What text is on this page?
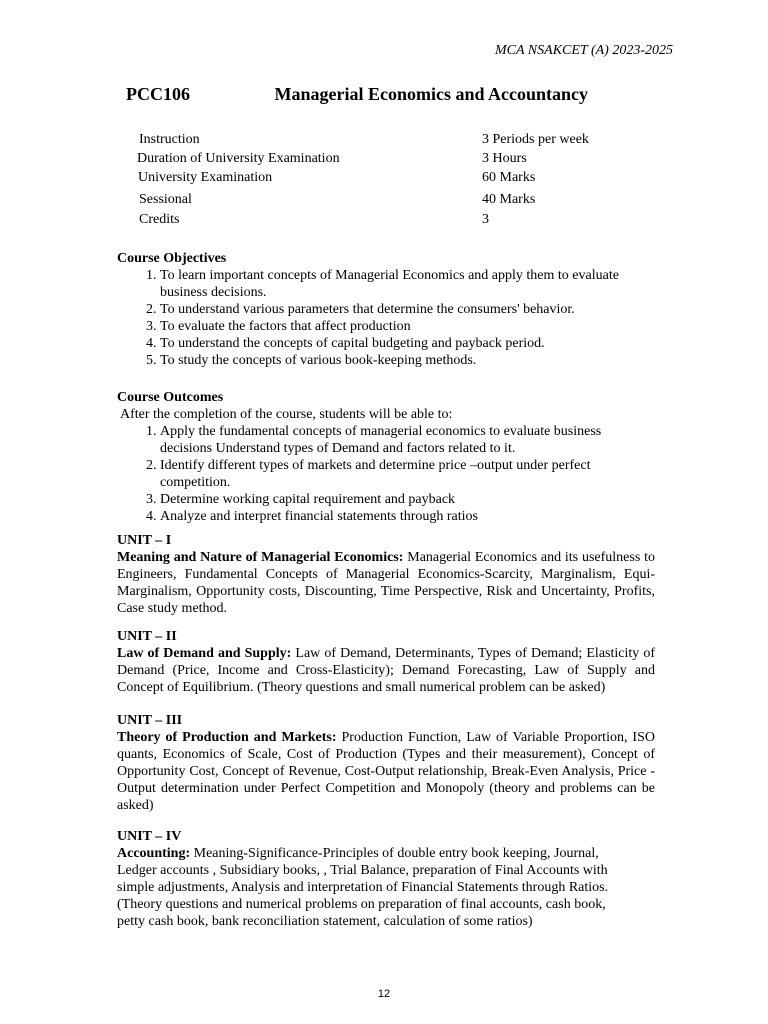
MCA NSAKCET (A) 2023-2025
PCC106	Managerial Economics and Accountancy
Instruction	3 Periods per week
Duration of University Examination	3 Hours
University Examination	60 Marks
Sessional	40 Marks
Credits	3
Course Objectives
1. To learn important concepts of Managerial Economics and apply them to evaluate business decisions.
2. To understand various parameters that determine the consumers' behavior.
3. To evaluate the factors that affect production
4. To understand the concepts of capital budgeting and payback period.
5. To study the concepts of various book-keeping methods.
Course Outcomes
After the completion of the course, students will be able to:
1. Apply the fundamental concepts of managerial economics to evaluate business decisions Understand types of Demand and factors related to it.
2. Identify different types of markets and determine price –output under perfect competition.
3. Determine working capital requirement and payback
4. Analyze and interpret financial statements through ratios
UNIT – I
Meaning and Nature of Managerial Economics: Managerial Economics and its usefulness to Engineers, Fundamental Concepts of Managerial Economics-Scarcity, Marginalism, Equi-Marginalism, Opportunity costs, Discounting, Time Perspective, Risk and Uncertainty, Profits, Case study method.
UNIT – II
Law of Demand and Supply: Law of Demand, Determinants, Types of Demand; Elasticity of Demand (Price, Income and Cross-Elasticity); Demand Forecasting, Law of Supply and Concept of Equilibrium. (Theory questions and small numerical problem can be asked)
UNIT – III
Theory of Production and Markets: Production Function, Law of Variable Proportion, ISO quants, Economics of Scale, Cost of Production (Types and their measurement), Concept of Opportunity Cost, Concept of Revenue, Cost-Output relationship, Break-Even Analysis, Price - Output determination under Perfect Competition and Monopoly (theory and problems can be asked)
UNIT – IV
Accounting: Meaning-Significance-Principles of double entry book keeping, Journal, Ledger accounts , Subsidiary books, , Trial Balance, preparation of Final Accounts with simple adjustments, Analysis and interpretation of Financial Statements through Ratios. (Theory questions and numerical problems on preparation of final accounts, cash book, petty cash book, bank reconciliation statement, calculation of some ratios)
12
